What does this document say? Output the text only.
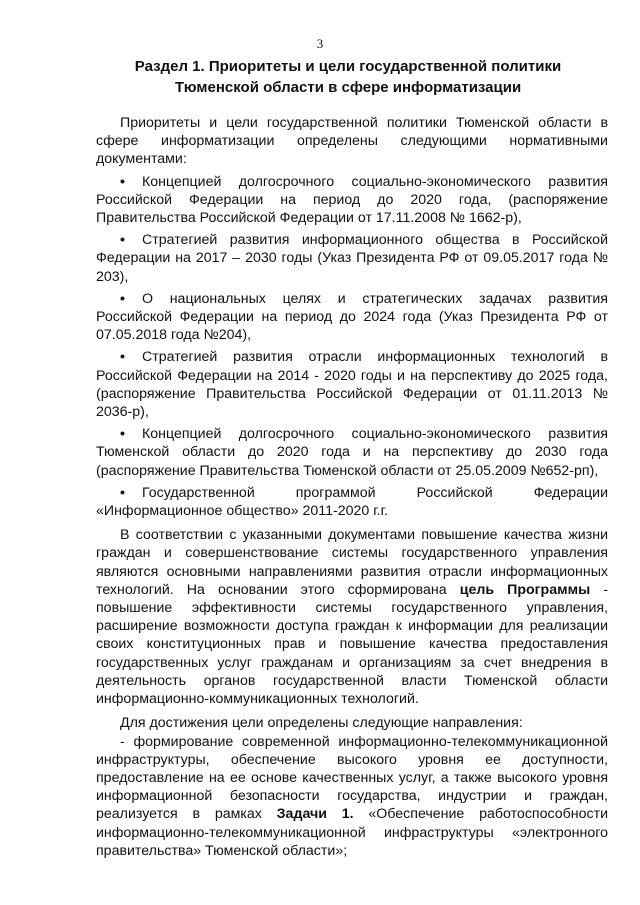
3
Раздел 1. Приоритеты и цели государственной политики Тюменской области в сфере информатизации

Приоритеты и цели государственной политики Тюменской области в сфере информатизации определены следующими нормативными документами:

• Концепцией долгосрочного социально-экономического развития Российской Федерации на период до 2020 года, (распоряжение Правительства Российской Федерации от 17.11.2008 № 1662-р),

• Стратегией развития информационного общества в Российской Федерации на 2017 – 2030 годы (Указ Президента РФ от 09.05.2017 года № 203),

• О национальных целях и стратегических задачах развития Российской Федерации на период до 2024 года (Указ Президента РФ от 07.05.2018 года №204),

• Стратегией развития отрасли информационных технологий в Российской Федерации на 2014 - 2020 годы и на перспективу до 2025 года, (распоряжение Правительства Российской Федерации от 01.11.2013 № 2036-р),

• Концепцией долгосрочного социально-экономического развития Тюменской области до 2020 года и на перспективу до 2030 года (распоряжение Правительства Тюменской области от 25.05.2009 №652-рп),

• Государственной программой Российской Федерации «Информационное общество» 2011-2020 г.г.

В соответствии с указанными документами повышение качества жизни граждан и совершенствование системы государственного управления являются основными направлениями развития отрасли информационных технологий. На основании этого сформирована цель Программы - повышение эффективности системы государственного управления, расширение возможности доступа граждан к информации для реализации своих конституционных прав и повышение качества предоставления государственных услуг гражданам и организациям за счет внедрения в деятельность органов государственной власти Тюменской области информационно-коммуникационных технологий.

Для достижения цели определены следующие направления:

- формирование современной информационно-телекоммуникационной инфраструктуры, обеспечение высокого уровня ее доступности, предоставление на ее основе качественных услуг, а также высокого уровня информационной безопасности государства, индустрии и граждан, реализуется в рамках Задачи 1. «Обеспечение работоспособности информационно-телекоммуникационной инфраструктуры «электронного правительства» Тюменской области»;
